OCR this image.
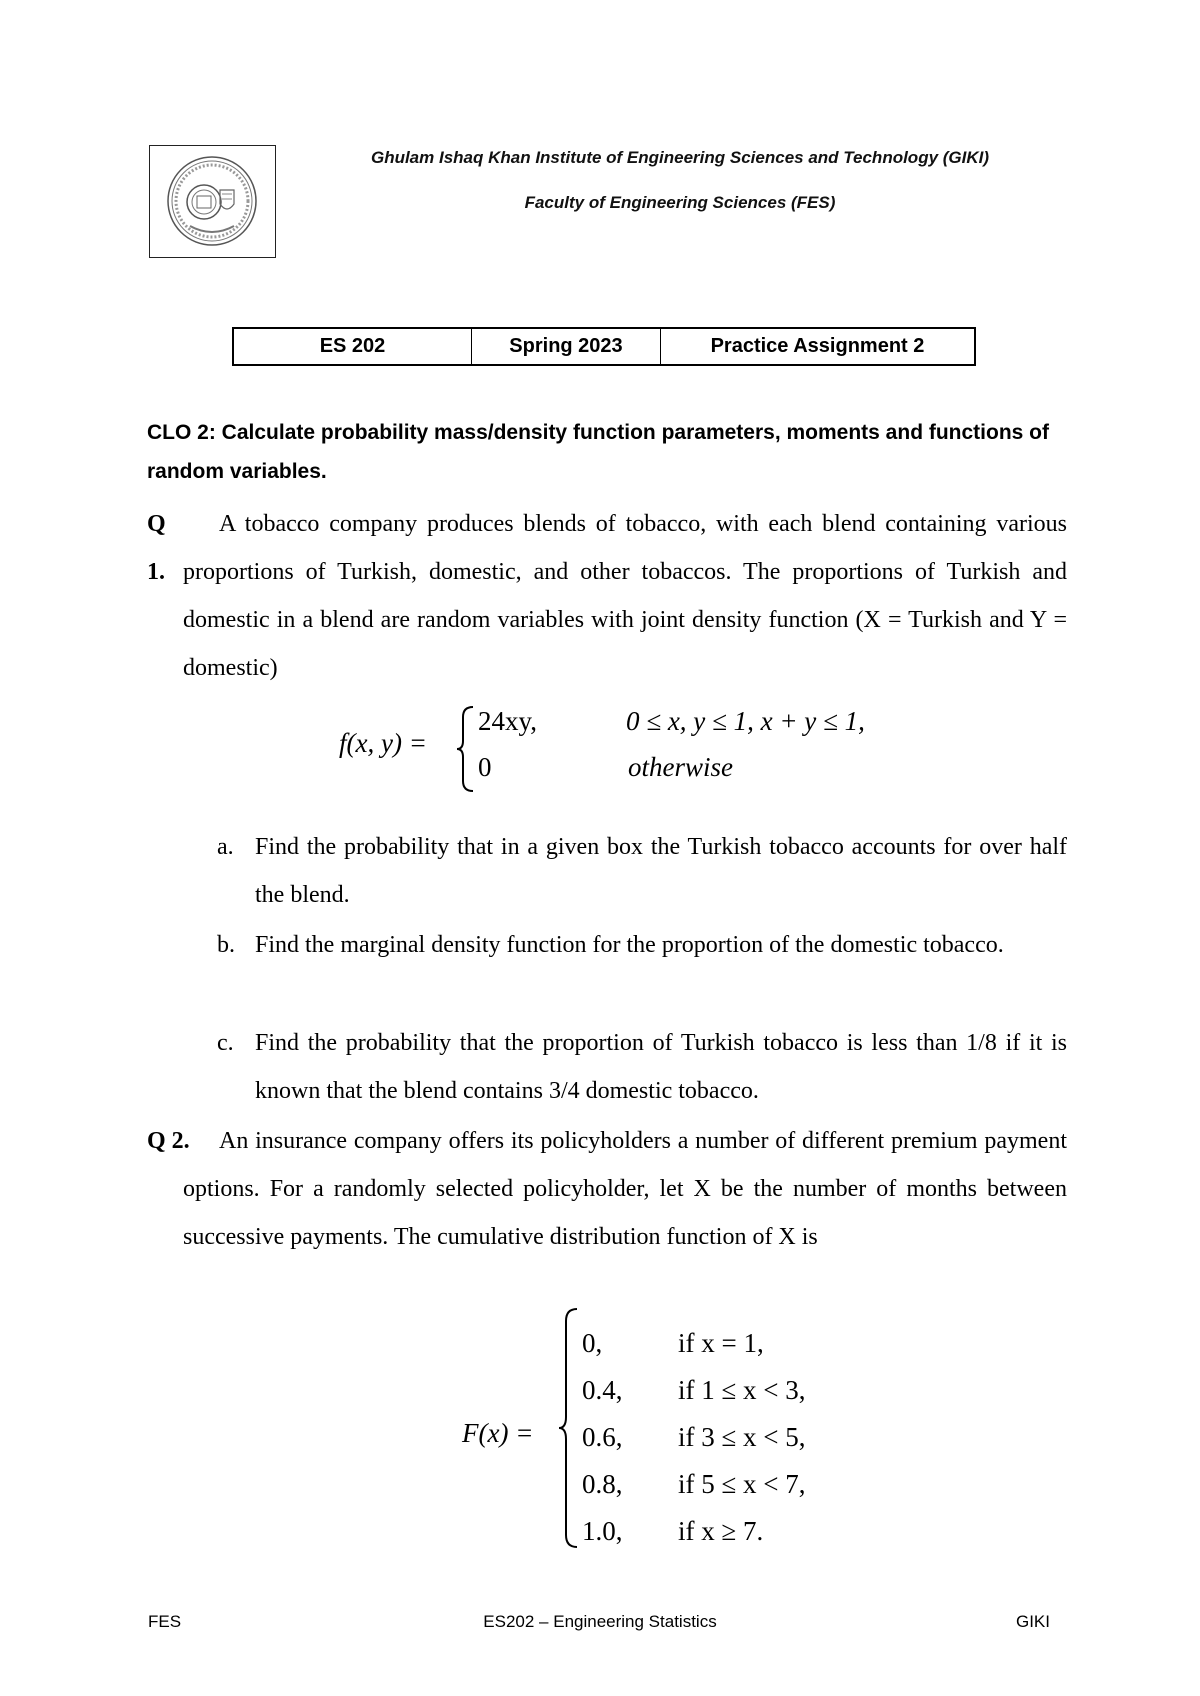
Ghulam Ishaq Khan Institute of Engineering Sciences and Technology (GIKI)
Faculty of Engineering Sciences (FES)
ES 202	Spring 2023	Practice Assignment 2
CLO 2: Calculate probability mass/density function parameters, moments and functions of random variables.
Q 1.
A tobacco company produces blends of tobacco, with each blend containing various proportions of Turkish, domestic, and other tobaccos. The proportions of Turkish and domestic in a blend are random variables with joint density function (X = Turkish and Y = domestic)
f(x, y) =
24xy,	0 ≤ x, y ≤ 1, x + y ≤ 1,
0	otherwise
a. Find the probability that in a given box the Turkish tobacco accounts for over half the blend.
b. Find the marginal density function for the proportion of the domestic tobacco.
c. Find the probability that the proportion of Turkish tobacco is less than 1/8 if it is known that the blend contains 3/4 domestic tobacco.
Q 2.	An insurance company offers its policyholders a number of different premium payment options. For a randomly selected policyholder, let X be the number of months between successive payments. The cumulative distribution function of X is
F(x) =
0,	if x = 1,
0.4, if 1 ≤ x < 3,
0.6, if 3 ≤ x < 5,
0.8, if 5 ≤ x < 7,
1.0, if x ≥ 7.
FES	ES202 – Engineering Statistics	GIKI
